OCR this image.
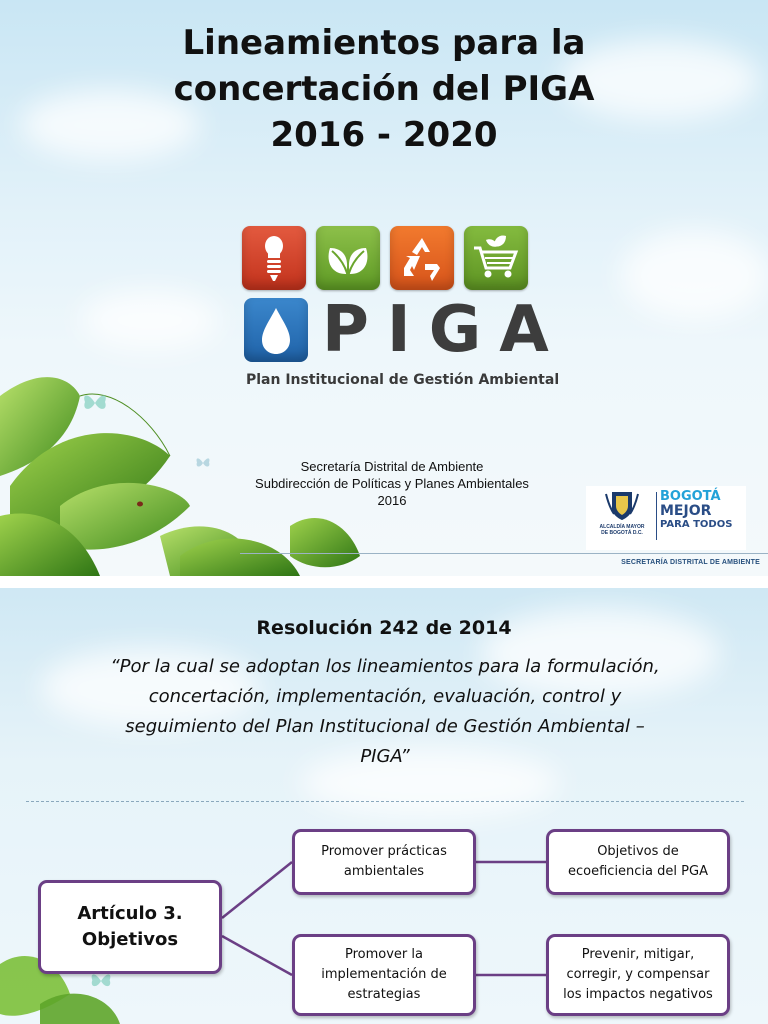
Lineamientos para la
concertación del PIGA
2016 - 2020
PIGA
Plan Institucional de Gestión Ambiental
Secretaría Distrital de Ambiente
Subdirección de Políticas y Planes Ambientales
2016
ALCALDÍA MAYOR
DE BOGOTÁ D.C.
BOGOTÁ
MEJOR
PARA TODOS
SECRETARÍA DISTRITAL DE AMBIENTE
Resolución 242 de 2014
“Por la cual se adoptan los lineamientos para la formulación,
concertación, implementación, evaluación, control y
seguimiento del Plan Institucional de Gestión Ambiental –
PIGA”
Artículo 3.
Objetivos
Promover prácticas
ambientales
Promover la
implementación de
estrategias
Objetivos de
ecoeficiencia del PGA
Prevenir, mitigar,
corregir, y compensar
los impactos negativos
